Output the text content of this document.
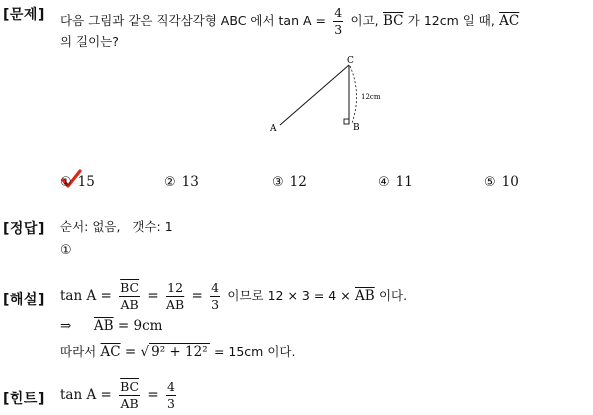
[문제] 다음 그림과 같은 직각삼각형 ABC 에서 $\tan A = \frac{4}{3}$ 이고, $\overline{BC}$ 가 12cm 일 때, $\overline{AC}$
의 길이는?
A	B
C
12cm
① 15	② 13	③ 12	④ 11	⑤ 10
[정답] 순서: 없음,   갯수: 1
①
[해설] $\tan A = \frac{\overline{BC}}{AB} = \frac{12}{AB} = \frac{4}{3}$ 이므로 $12 \times 3 = 4 \times \overline{AB}$ 이다.
⇒ $\overline{AB} = 9cm$
따라서 $\overline{AC}$ = √ 9² + 12² = 15cm 이다.
[힌트] $\tan A = \frac{\overline{BC}}{AB} = \frac{4}{3}$
